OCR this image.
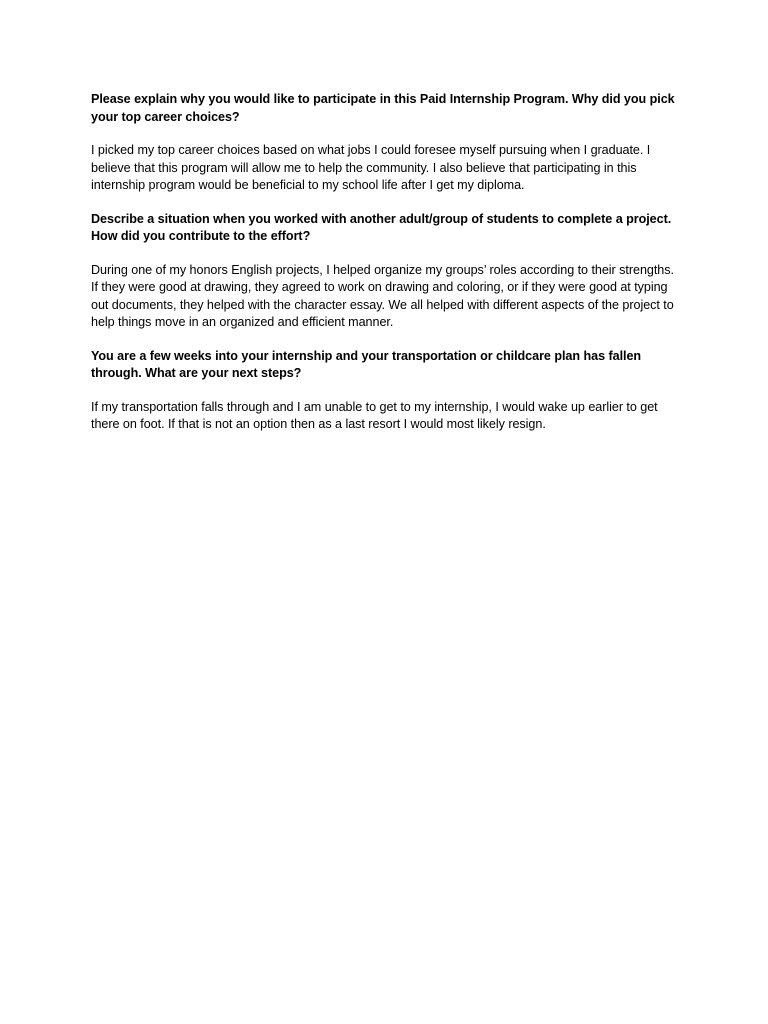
Please explain why you would like to participate in this Paid Internship Program. Why did you pick
your top career choices?

I picked my top career choices based on what jobs I could foresee myself pursuing when I graduate. I
believe that this program will allow me to help the community. I also believe that participating in this
internship program would be beneficial to my school life after I get my diploma.

Describe a situation when you worked with another adult/group of students to complete a project.
How did you contribute to the effort?

During one of my honors English projects, I helped organize my groups’ roles according to their strengths.
If they were good at drawing, they agreed to work on drawing and coloring, or if they were good at typing
out documents, they helped with the character essay. We all helped with different aspects of the project to
help things move in an organized and efficient manner.

You are a few weeks into your internship and your transportation or childcare plan has fallen
through. What are your next steps?

If my transportation falls through and I am unable to get to my internship, I would wake up earlier to get
there on foot. If that is not an option then as a last resort I would most likely resign.
